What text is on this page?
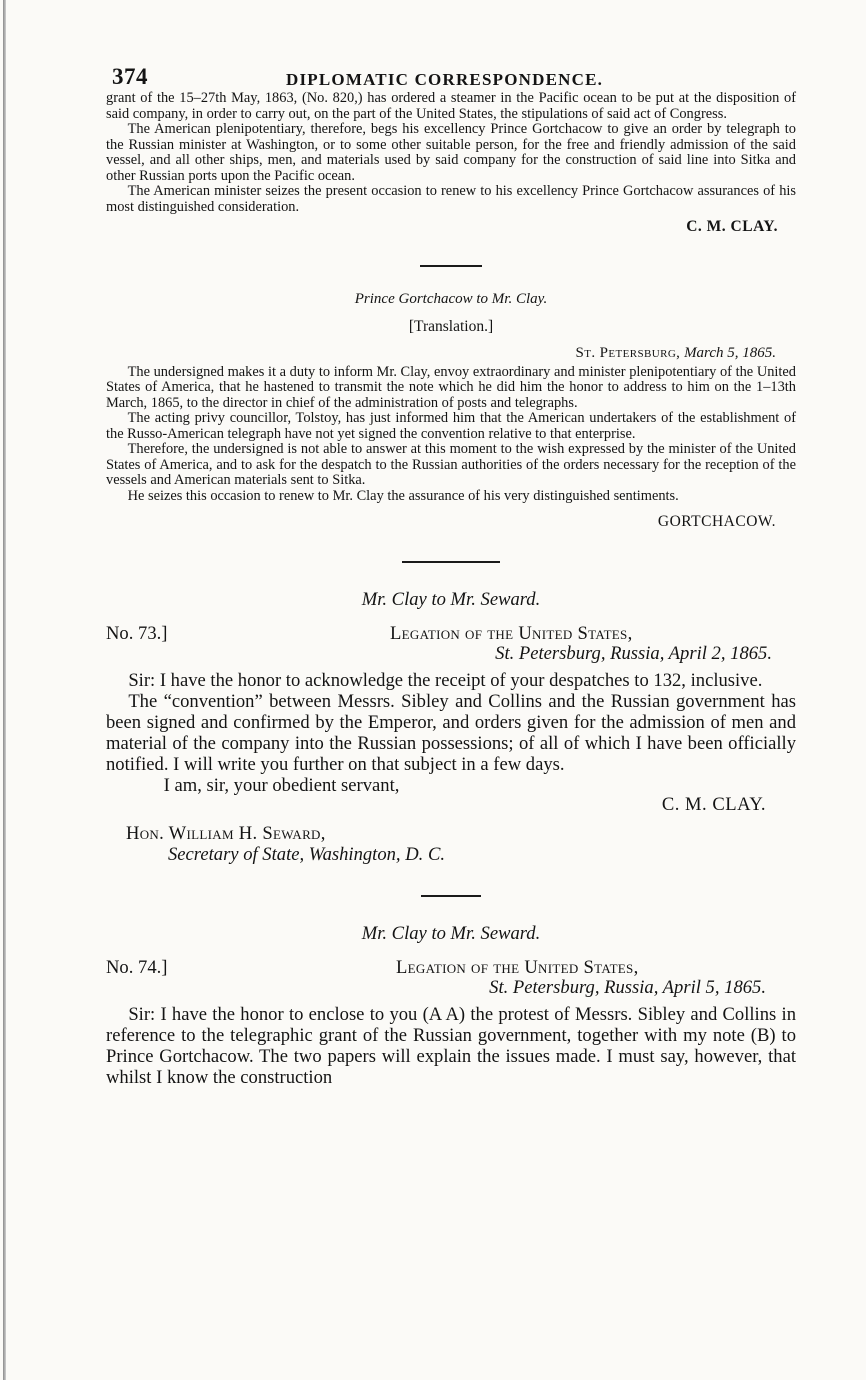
374	DIPLOMATIC CORRESPONDENCE.

grant of the 15–27th May, 1863, (No. 820,) has ordered a steamer in the Pacific ocean to be put at the disposition of said company, in order to carry out, on the part of the United States, the stipulations of said act of Congress.

The American plenipotentiary, therefore, begs his excellency Prince Gortchacow to give an order by telegraph to the Russian minister at Washington, or to some other suitable person, for the free and friendly admission of the said vessel, and all other ships, men, and materials used by said company for the construction of said line into Sitka and other Russian ports upon the Pacific ocean.

The American minister seizes the present occasion to renew to his excellency Prince Gortchacow assurances of his most distinguished consideration.

C. M. CLAY.
Prince Gortchacow to Mr. Clay.
[Translation.]
St. Petersburg, March 5, 1865.

The undersigned makes it a duty to inform Mr. Clay, envoy extraordinary and minister plenipotentiary of the United States of America, that he hastened to transmit the note which he did him the honor to address to him on the 1–13th March, 1865, to the director in chief of the administration of posts and telegraphs.

The acting privy councillor, Tolstoy, has just informed him that the American undertakers of the establishment of the Russo-American telegraph have not yet signed the convention relative to that enterprise.

Therefore, the undersigned is not able to answer at this moment to the wish expressed by the minister of the United States of America, and to ask for the despatch to the Russian authorities of the orders necessary for the reception of the vessels and American materials sent to Sitka.

He seizes this occasion to renew to Mr. Clay the assurance of his very distinguished sentiments.

GORTCHACOW.
Mr. Clay to Mr. Seward.
No. 73.]	Legation of the United States,
St. Petersburg, Russia, April 2, 1865.

Sir: I have the honor to acknowledge the receipt of your despatches to 132, inclusive.

The “convention” between Messrs. Sibley and Collins and the Russian government has been signed and confirmed by the Emperor, and orders given for the admission of men and material of the company into the Russian possessions; of all of which I have been officially notified. I will write you further on that subject in a few days.

I am, sir, your obedient servant,

C. M. CLAY.
Hon. William H. Seward,
Secretary of State, Washington, D. C.
Mr. Clay to Mr. Seward.
No. 74.]	Legation of the United States,
St. Petersburg, Russia, April 5, 1865.

Sir: I have the honor to enclose to you (A A) the protest of Messrs. Sibley and Collins in reference to the telegraphic grant of the Russian government, together with my note (B) to Prince Gortchacow. The two papers will explain the issues made. I must say, however, that whilst I know the construction
